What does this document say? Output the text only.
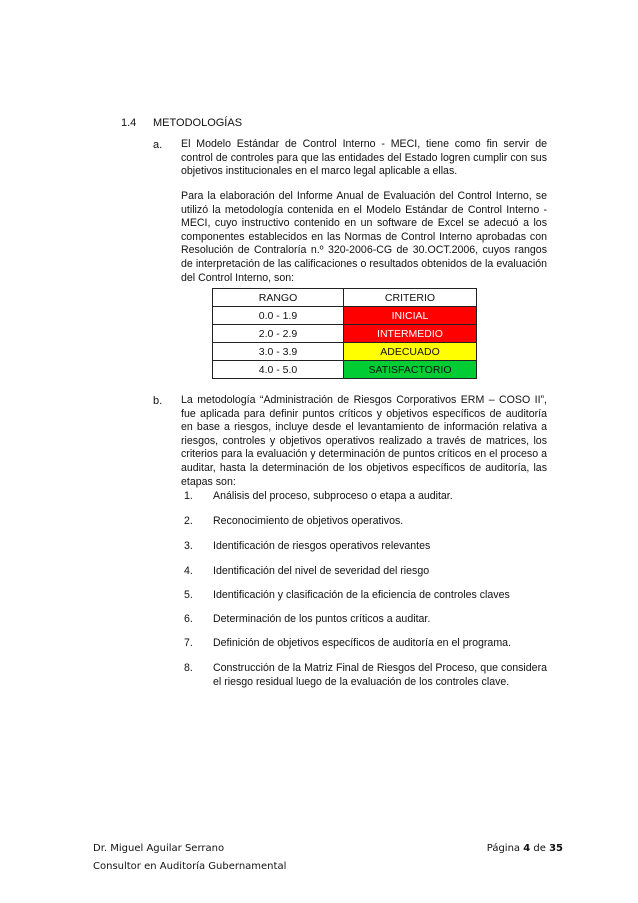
1.4 METODOLOGÍAS
a. El Modelo Estándar de Control Interno - MECI, tiene como fin servir de control de controles para que las entidades del Estado logren cumplir con sus objetivos institucionales en el marco legal aplicable a ellas.
Para la elaboración del Informe Anual de Evaluación del Control Interno, se utilizó la metodología contenida en el Modelo Estándar de Control Interno - MECI, cuyo instructivo contenido en un software de Excel se adecuó a los componentes establecidos en las Normas de Control Interno aprobadas con Resolución de Contraloría n.º 320-2006-CG de 30.OCT.2006, cuyos rangos de interpretación de las calificaciones o resultados obtenidos de la evaluación del Control Interno, son:
RANGO	CRITERIO
0.0 - 1.9	INICIAL
2.0 - 2.9	INTERMEDIO
3.0 - 3.9	ADECUADO
4.0 - 5.0	SATISFACTORIO
b. La metodología “Administración de Riesgos Corporativos ERM – COSO II”, fue aplicada para definir puntos críticos y objetivos específicos de auditoría en base a riesgos, incluye desde el levantamiento de información relativa a riesgos, controles y objetivos operativos realizado a través de matrices, los criterios para la evaluación y determinación de puntos críticos en el proceso a auditar, hasta la determinación de los objetivos específicos de auditoría, las etapas son:
1. Análisis del proceso, subproceso o etapa a auditar.
2. Reconocimiento de objetivos operativos.
3. Identificación de riesgos operativos relevantes
4. Identificación del nivel de severidad del riesgo
5. Identificación y clasificación de la eficiencia de controles claves
6. Determinación de los puntos críticos a auditar.
7. Definición de objetivos específicos de auditoría en el programa.
8. Construcción de la Matriz Final de Riesgos del Proceso, que considera el riesgo residual luego de la evaluación de los controles clave.
Dr. Miguel Aguilar Serrano
Consultor en Auditoría Gubernamental
Página 4 de 35
